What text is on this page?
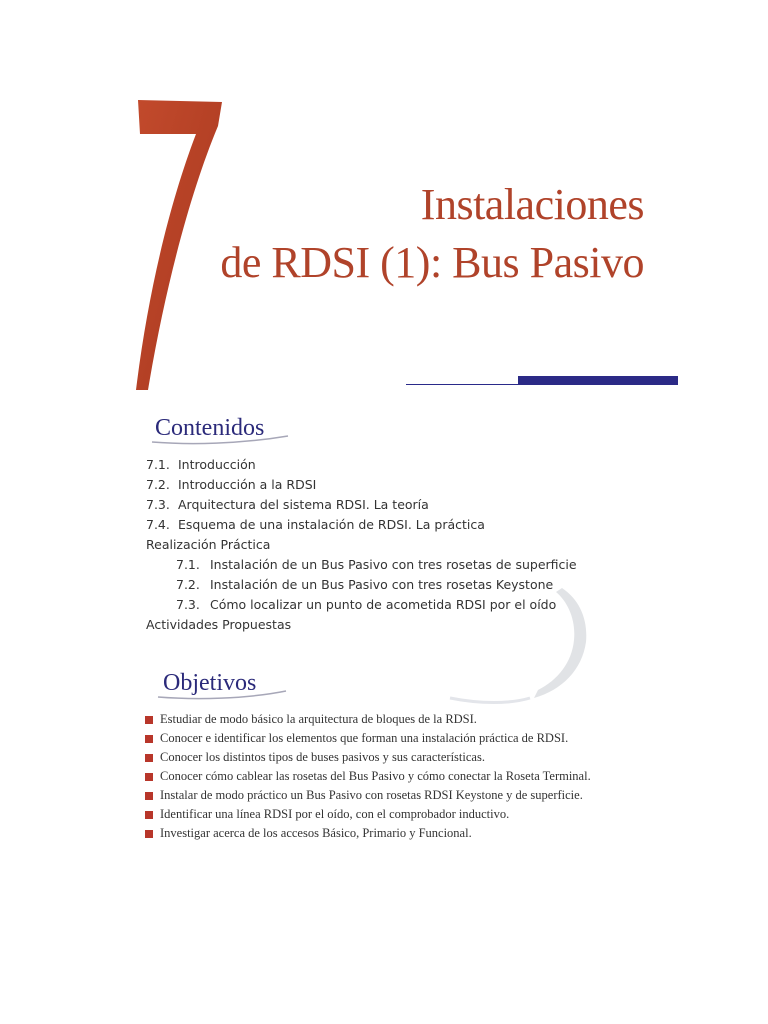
Instalaciones
de RDSI (1): Bus Pasivo
Contenidos
7.1. Introducción
7.2. Introducción a la RDSI
7.3. Arquitectura del sistema RDSI. La teoría
7.4. Esquema de una instalación de RDSI. La práctica
Realización Práctica
7.1. Instalación de un Bus Pasivo con tres rosetas de superficie
7.2. Instalación de un Bus Pasivo con tres rosetas Keystone
7.3. Cómo localizar un punto de acometida RDSI por el oído
Actividades Propuestas
Objetivos
Estudiar de modo básico la arquitectura de bloques de la RDSI.
Conocer e identificar los elementos que forman una instalación práctica de RDSI.
Conocer los distintos tipos de buses pasivos y sus características.
Conocer cómo cablear las rosetas del Bus Pasivo y cómo conectar la Roseta Terminal.
Instalar de modo práctico un Bus Pasivo con rosetas RDSI Keystone y de superficie.
Identificar una línea RDSI por el oído, con el comprobador inductivo.
Investigar acerca de los accesos Básico, Primario y Funcional.
